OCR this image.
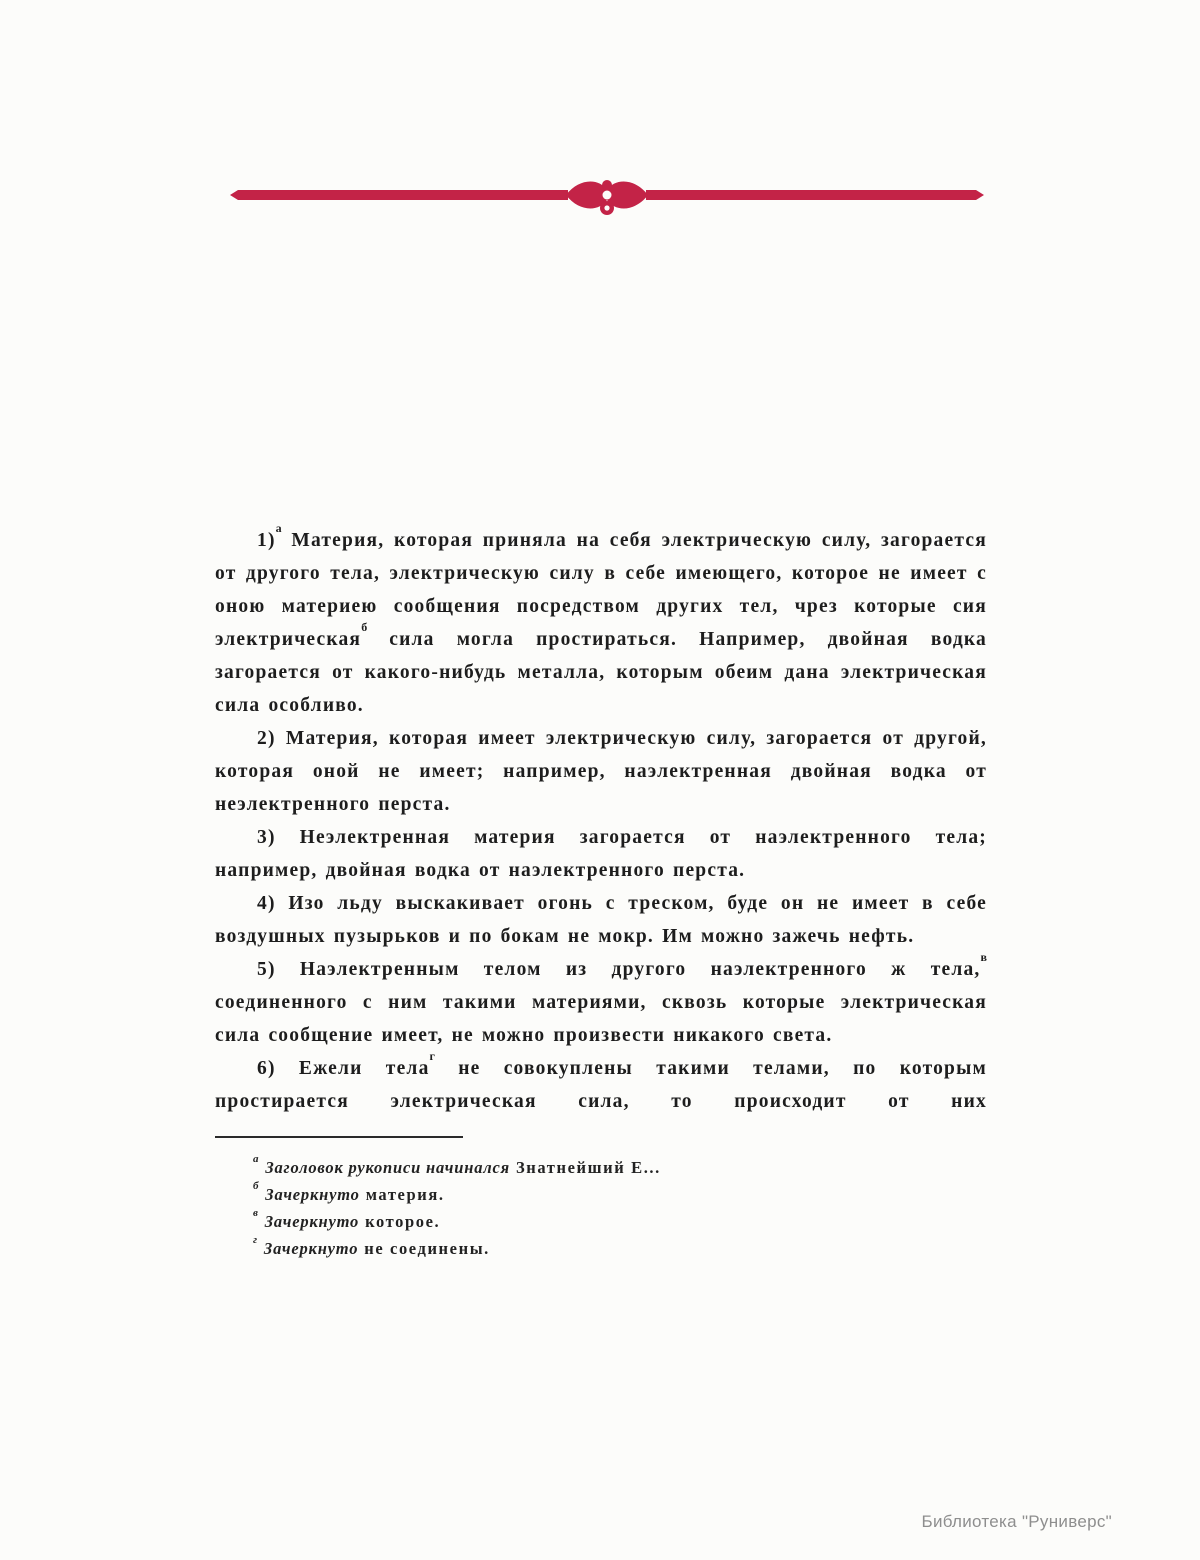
1)$^а$ Материя, которая приняла на себя электрическую силу, загорается от другого тела, электрическую силу в себе имеющего, которое не имеет с оною материею сообщения посредством других тел, чрез которые сия электрическая$^б$ сила могла простираться. Например, двойная водка загорается от какого-нибудь металла, которым обеим дана электрическая сила особливо.

2) Материя, которая имеет электрическую силу, загорается от другой, которая оной не имеет; например, наэлектренная двойная водка от неэлектренного перста.

3) Неэлектренная материя загорается от наэлектренного тела; например, двойная водка от наэлектренного перста.

4) Изо льду выскакивает огонь с треском, буде он не имеет в себе воздушных пузырьков и по бокам не мокр. Им можно зажечь нефть.

5) Наэлектренным телом из другого наэлектренного ж тела,$^в$ соединенного с ним такими материями, сквозь которые электрическая сила сообщение имеет, не можно произвести никакого света.

6) Ежели тела$^г$ не совокуплены такими телами, по которым простирается электрическая сила, то происходит от них

$^а$ Заголовок рукописи начинался Знатнейший Е...

$^б$ Зачеркнуто материя.

$^в$ Зачеркнуто которое.

$^г$ Зачеркнуто не соединены.

Библиотека "Руниверс"
